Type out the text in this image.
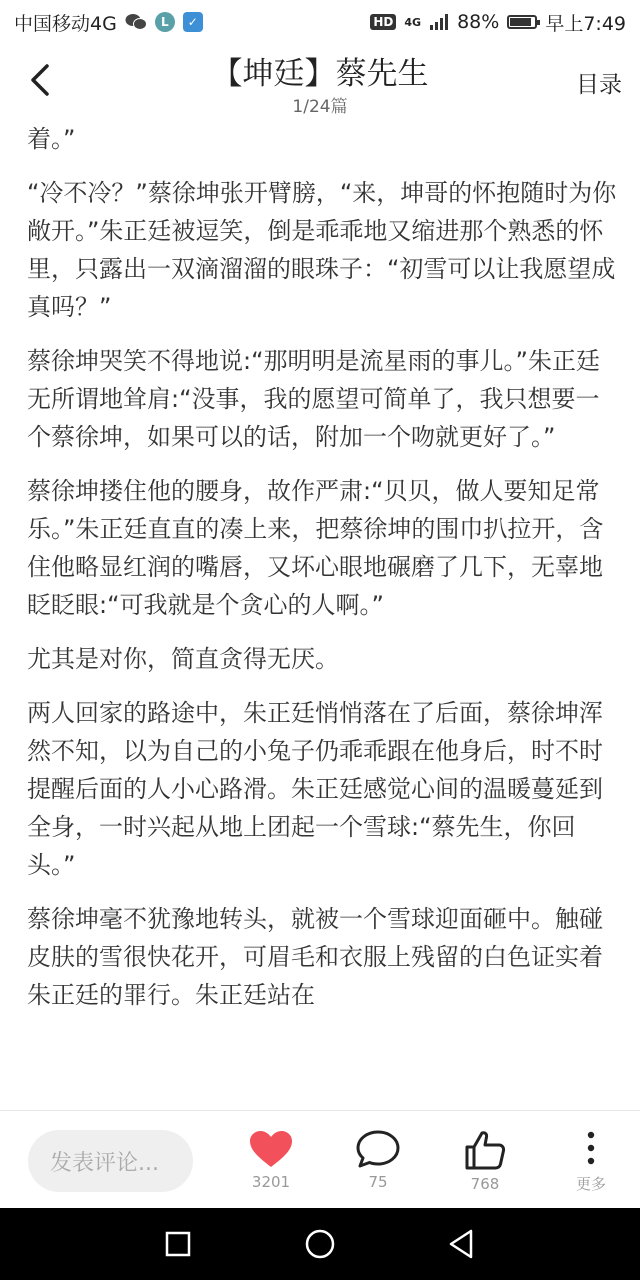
中国移动4G	L	✓	HD 4G 88% 早上7:49
【坤廷】蔡先生
1/24篇
目录

着。”

“冷不冷？”蔡徐坤张开臂膀，“来，坤哥的怀抱随时为你敞开。”朱正廷被逗笑，倒是乖乖地又缩进那个熟悉的怀里，只露出一双滴溜溜的眼珠子：“初雪可以让我愿望成真吗？”

蔡徐坤哭笑不得地说:“那明明是流星雨的事儿。”朱正廷无所谓地耸肩:“没事，我的愿望可简单了，我只想要一个蔡徐坤，如果可以的话，附加一个吻就更好了。”

蔡徐坤搂住他的腰身，故作严肃:“贝贝，做人要知足常乐。”朱正廷直直的凑上来，把蔡徐坤的围巾扒拉开，含住他略显红润的嘴唇，又坏心眼地碾磨了几下，无辜地眨眨眼:“可我就是个贪心的人啊。”

尤其是对你，简直贪得无厌。

两人回家的路途中，朱正廷悄悄落在了后面，蔡徐坤浑然不知，以为自己的小兔子仍乖乖跟在他身后，时不时提醒后面的人小心路滑。朱正廷感觉心间的温暖蔓延到全身，一时兴起从地上团起一个雪球:“蔡先生，你回头。”

蔡徐坤毫不犹豫地转头，就被一个雪球迎面砸中。触碰皮肤的雪很快花开，可眉毛和衣服上残留的白色证实着朱正廷的罪行。朱正廷站在

发表评论...
3201	75	768	更多
